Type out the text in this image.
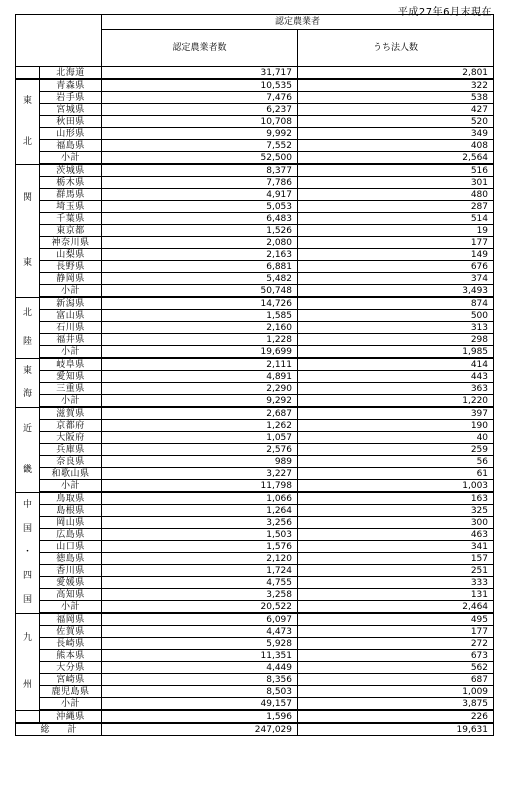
平成27年6月末現在
		認定農業者	
		認定農業者数	うち法人数

	北海道	31,717	2,801

東
北	青森県	10,535	322
	岩手県	7,476	538
	宮城県	6,237	427
	秋田県	10,708	520
	山形県	9,992	349
	福島県	7,552	408
	小計	52,500	2,564

関
東	茨城県	8,377	516
	栃木県	7,786	301
	群馬県	4,917	480
	埼玉県	5,053	287
	千葉県	6,483	514
	東京都	1,526	19
	神奈川県	2,080	177
	山梨県	2,163	149
	長野県	6,881	676
	静岡県	5,482	374
	小計	50,748	3,493

北
陸	新潟県	14,726	874
	富山県	1,585	500
	石川県	2,160	313
	福井県	1,228	298
	小計	19,699	1,985

東
海	岐阜県	2,111	414
	愛知県	4,891	443
	三重県	2,290	363
	小計	9,292	1,220

近
畿	滋賀県	2,687	397
	京都府	1,262	190
	大阪府	1,057	40
	兵庫県	2,576	259
	奈良県	989	56
	和歌山県	3,227	61
	小計	11,798	1,003

中
国
・
四
国	鳥取県	1,066	163
	島根県	1,264	325
	岡山県	3,256	300
	広島県	1,503	463
	山口県	1,576	341
	徳島県	2,120	157
	香川県	1,724	251
	愛媛県	4,755	333
	高知県	3,258	131
	小計	20,522	2,464

九
州	福岡県	6,097	495
	佐賀県	4,473	177
	長崎県	5,928	272
	熊本県	11,351	673
	大分県	4,449	562
	宮崎県	8,356	687
	鹿児島県	8,503	1,009
	小計	49,157	3,875

	沖縄県	1,596	226
総　　計		247,029	19,631
